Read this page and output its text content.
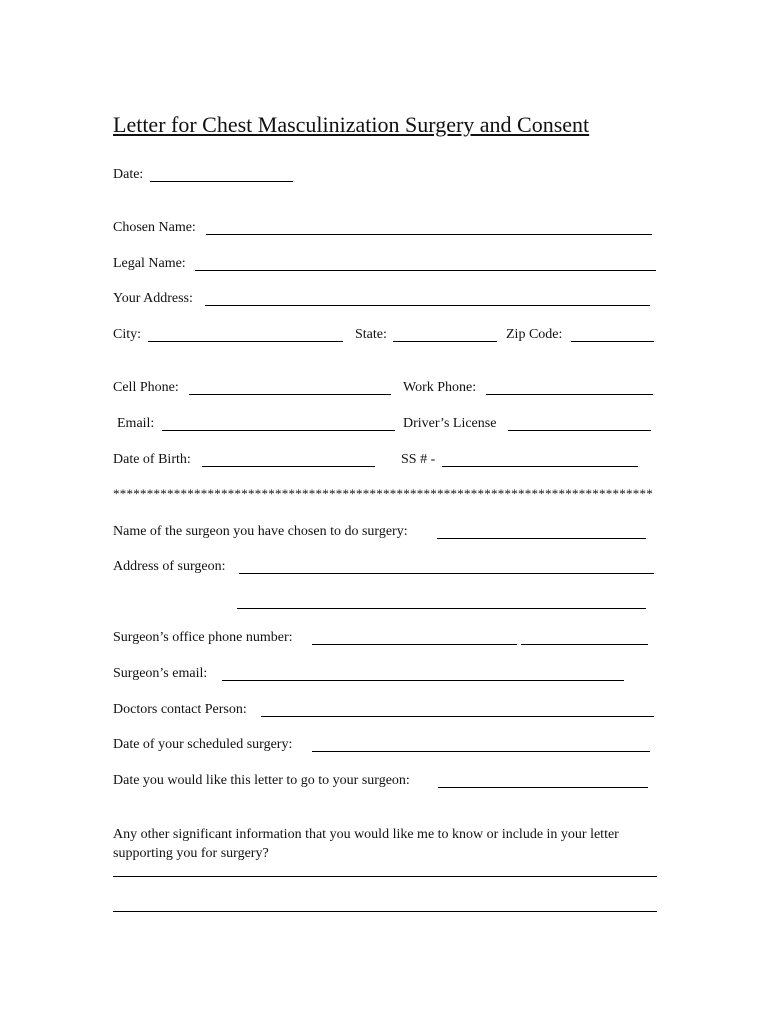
Letter for Chest Masculinization Surgery and Consent
Date:
Chosen Name:
Legal Name:
Your Address:
City:	State:	Zip Code:
Cell Phone:	Work Phone:
Email:	Driver’s License
Date of Birth:	SS # -
********************************************************************************
Name of the surgeon you have chosen to do surgery:
Address of surgeon:
Surgeon’s office phone number:
Surgeon’s email:
Doctors contact Person:
Date of your scheduled surgery:
Date you would like this letter to go to your surgeon:
Any other significant information that you would like me to know or include in your letter supporting you for surgery?
